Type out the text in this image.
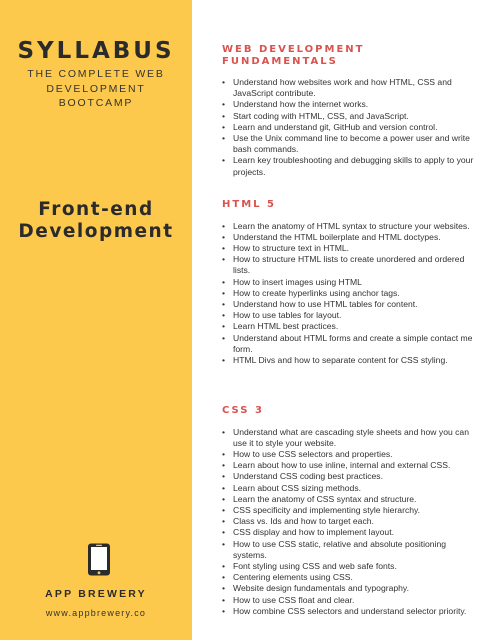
SYLLABUS
THE COMPLETE WEB DEVELOPMENT BOOTCAMP
Front-end Development
APP BREWERY
www.appbrewery.co
WEB DEVELOPMENT FUNDAMENTALS
• Understand how websites work and how HTML, CSS and JavaScript contribute.
• Understand how the internet works.
• Start coding with HTML, CSS, and JavaScript.
• Learn and understand git, GitHub and version control.
• Use the Unix command line to become a power user and write bash commands.
• Learn key troubleshooting and debugging skills to apply to your projects.
HTML 5
• Learn the anatomy of HTML syntax to structure your websites.
• Understand the HTML boilerplate and HTML doctypes.
• How to structure text in HTML.
• How to structure HTML lists to create unordered and ordered lists.
• How to insert images using HTML
• How to create hyperlinks using anchor tags.
• Understand how to use HTML tables for content.
• How to use tables for layout.
• Learn HTML best practices.
• Understand about HTML forms and create a simple contact me form.
• HTML Divs and how to separate content for CSS styling.
CSS 3
• Understand what are cascading style sheets and how you can use it to style your website.
• How to use CSS selectors and properties.
• Learn about how to use inline, internal and external CSS.
• Understand CSS coding best practices.
• Learn about CSS sizing methods.
• Learn the anatomy of CSS syntax and structure.
• CSS specificity and implementing style hierarchy.
• Class vs. Ids and how to target each.
• CSS display and how to implement layout.
• How to use CSS static, relative and absolute positioning systems.
• Font styling using CSS and web safe fonts.
• Centering elements using CSS.
• Website design fundamentals and typography.
• How to use CSS float and clear.
• How combine CSS selectors and understand selector priority.
